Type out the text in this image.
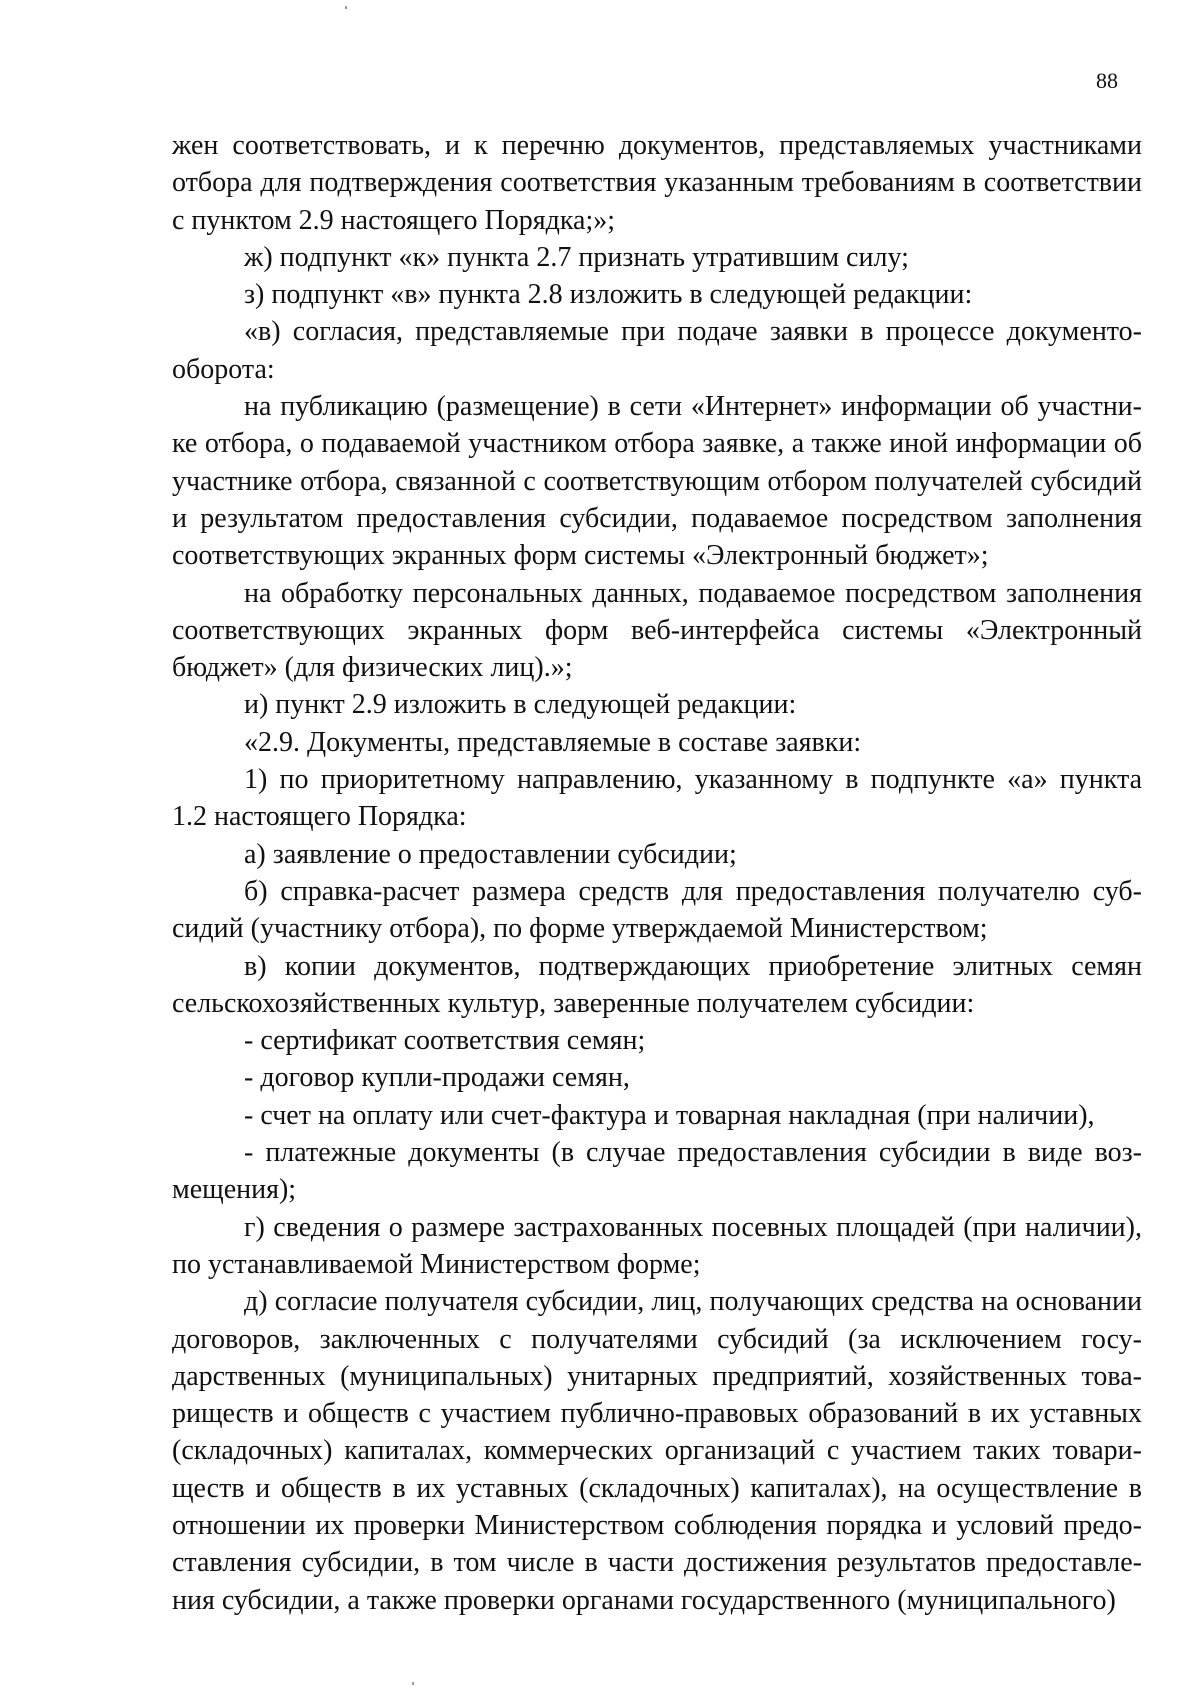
88

жен соответствовать, и к перечню документов, представляемых участниками отбора для подтверждения соответствия указанным требованиям в соответствии с пунктом 2.9 настоящего Порядка;»;

ж) подпункт «к» пункта 2.7 признать утратившим силу;

з) подпункт «в» пункта 2.8 изложить в следующей редакции:

«в) согласия, представляемые при подаче заявки в процессе документооборота:

на публикацию (размещение) в сети «Интернет» информации об участнике отбора, о подаваемой участником отбора заявке, а также иной информации об участнике отбора, связанной с соответствующим отбором получателей субсидий и результатом предоставления субсидии, подаваемое посредством заполнения соответствующих экранных форм системы «Электронный бюджет»;

на обработку персональных данных, подаваемое посредством заполнения соответствующих экранных форм веб-интерфейса системы «Электронный бюджет» (для физических лиц).»;

и) пункт 2.9 изложить в следующей редакции:

«2.9. Документы, представляемые в составе заявки:

1) по приоритетному направлению, указанному в подпункте «а» пункта 1.2 настоящего Порядка:

а) заявление о предоставлении субсидии;

б) справка-расчет размера средств для предоставления получателю субсидий (участнику отбора), по форме утверждаемой Министерством;

в) копии документов, подтверждающих приобретение элитных семян сельскохозяйственных культур, заверенные получателем субсидии:

- сертификат соответствия семян;

- договор купли-продажи семян,

- счет на оплату или счет-фактура и товарная накладная (при наличии),

- платежные документы (в случае предоставления субсидии в виде возмещения);

г) сведения о размере застрахованных посевных площадей (при наличии), по устанавливаемой Министерством форме;

д) согласие получателя субсидии, лиц, получающих средства на основании договоров, заключенных с получателями субсидий (за исключением государственных (муниципальных) унитарных предприятий, хозяйственных товариществ и обществ с участием публично-правовых образований в их уставных (складочных) капиталах, коммерческих организаций с участием таких товариществ и обществ в их уставных (складочных) капиталах), на осуществление в отношении их проверки Министерством соблюдения порядка и условий предоставления субсидии, в том числе в части достижения результатов предоставления субсидии, а также проверки органами государственного (муниципального)
